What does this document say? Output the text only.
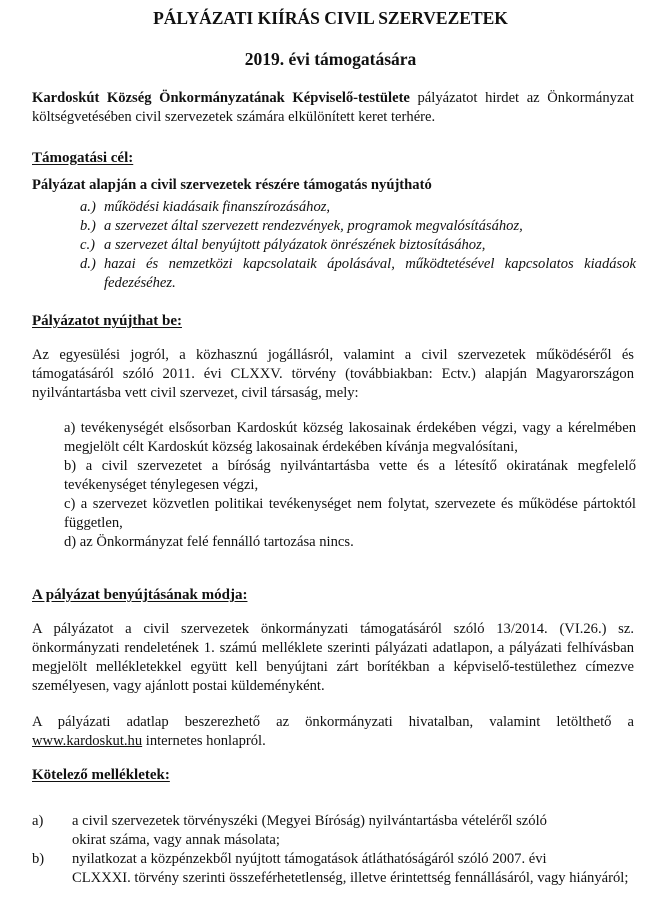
PÁLYÁZATI KIÍRÁS CIVIL SZERVEZETEK
2019. évi támogatására
Kardoskút Község Önkormányzatának Képviselő-testülete pályázatot hirdet az Önkormányzat költségvetésében civil szervezetek számára elkülönített keret terhére.
Támogatási cél:
Pályázat alapján a civil szervezetek részére támogatás nyújtható
a.) működési kiadásaik finanszírozásához,
b.) a szervezet által szervezett rendezvények, programok megvalósításához,
c.) a szervezet által benyújtott pályázatok önrészének biztosításához,
d.) hazai és nemzetközi kapcsolataik ápolásával, működtetésével kapcsolatos kiadások fedezéséhez.
Pályázatot nyújthat be:
Az egyesülési jogról, a közhasznú jogállásról, valamint a civil szervezetek működéséről és támogatásáról szóló 2011. évi CLXXV. törvény (továbbiakban: Ectv.) alapján Magyarországon nyilvántartásba vett civil szervezet, civil társaság, mely:

a) tevékenységét elsősorban Kardoskút község lakosainak érdekében végzi, vagy a kérelmében megjelölt célt Kardoskút község lakosainak érdekében kívánja megvalósítani,

b) a civil szervezetet a bíróság nyilvántartásba vette és a létesítő okiratának megfelelő tevékenységet ténylegesen végzi,

c) a szervezet közvetlen politikai tevékenységet nem folytat, szervezete és működése pártoktól független,

d) az Önkormányzat felé fennálló tartozása nincs.

A pályázat benyújtásának módja:
A pályázatot a civil szervezetek önkormányzati támogatásáról szóló 13/2014. (VI.26.) sz. önkormányzati rendeletének 1. számú melléklete szerinti pályázati adatlapon, a pályázati felhívásban megjelölt mellékletekkel együtt kell benyújtani zárt borítékban a képviselő-testülethez címezve személyesen, vagy ajánlott postai küldeményként.
A pályázati adatlap beszerezhető az önkormányzati hivatalban, valamint letölthető a www.kardoskut.hu internetes honlapról.
Kötelező mellékletek:
a)	a civil szervezetek törvényszéki (Megyei Bíróság) nyilvántartásba vételéről szóló
okirat száma, vagy annak másolata;
b)	nyilatkozat a közpénzekből nyújtott támogatások átláthatóságáról szóló 2007. évi
CLXXXI. törvény szerinti összeférhetetlenség, illetve érintettség fennállásáról, vagy hiányáról;
